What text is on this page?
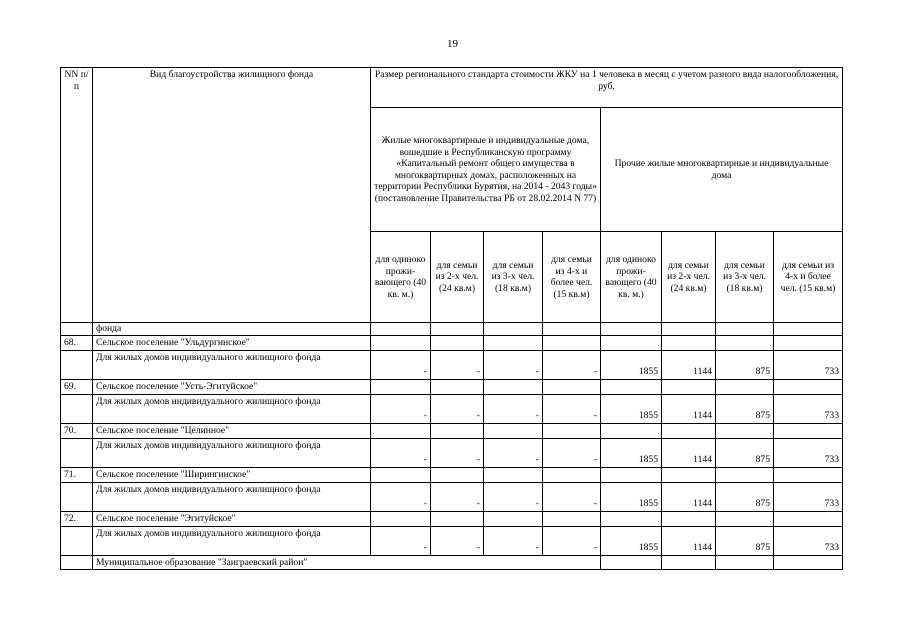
19
NN п/п	Вид благоустройства жилищного фонда	Размер регионального стандарта стоимости ЖКУ на 1 человека в месяц с учетом разного вида налогообложения, руб.							
		Жилые многоквартирные и индивидуальные дома, вошедшие в Республиканскую программу «Капитальный ремонт общего имущества в многоквартирных домах, расположенных на территории Республики Бурятия, на 2014 - 2043 годы» (постановление Правительства РБ от 28.02.2014 N 77)				Прочие жилые многоквартирные и индивидуальные дома			
		для одиноко прожи-вающего (40 кв. м.)	для семьи из 2-х чел. (24 кв.м)	для семьи из 3-х чел. (18 кв.м)	для семьи из 4-х и более чел. (15 кв.м)	для одиноко прожи-вающего (40 кв. м.)	для семьи из 2-х чел. (24 кв.м)	для семьи из 3-х чел. (18 кв.м)	для семьи из 4-х и более чел. (15 кв.м)
	фонда								
68.	Сельское поселение "Ульдургинское"								
	Для жилых домов индивидуального жилищного фонда	-	-	-	-	1855	1144	875	733
69.	Сельское поселение "Усть-Эгитуйское"								
	Для жилых домов индивидуального жилищного фонда	-	-	-	-	1855	1144	875	733
70.	Сельское поселение "Целинное"								
	Для жилых домов индивидуального жилищного фонда	-	-	-	-	1855	1144	875	733
71.	Сельское поселение "Ширингинское"								
	Для жилых домов индивидуального жилищного фонда	-	-	-	-	1855	1144	875	733
72.	Сельское поселение "Эгитуйское"								
	Для жилых домов индивидуального жилищного фонда	-	-	-	-	1855	1144	875	733
	Муниципальное образование "Заиграевский район"								
